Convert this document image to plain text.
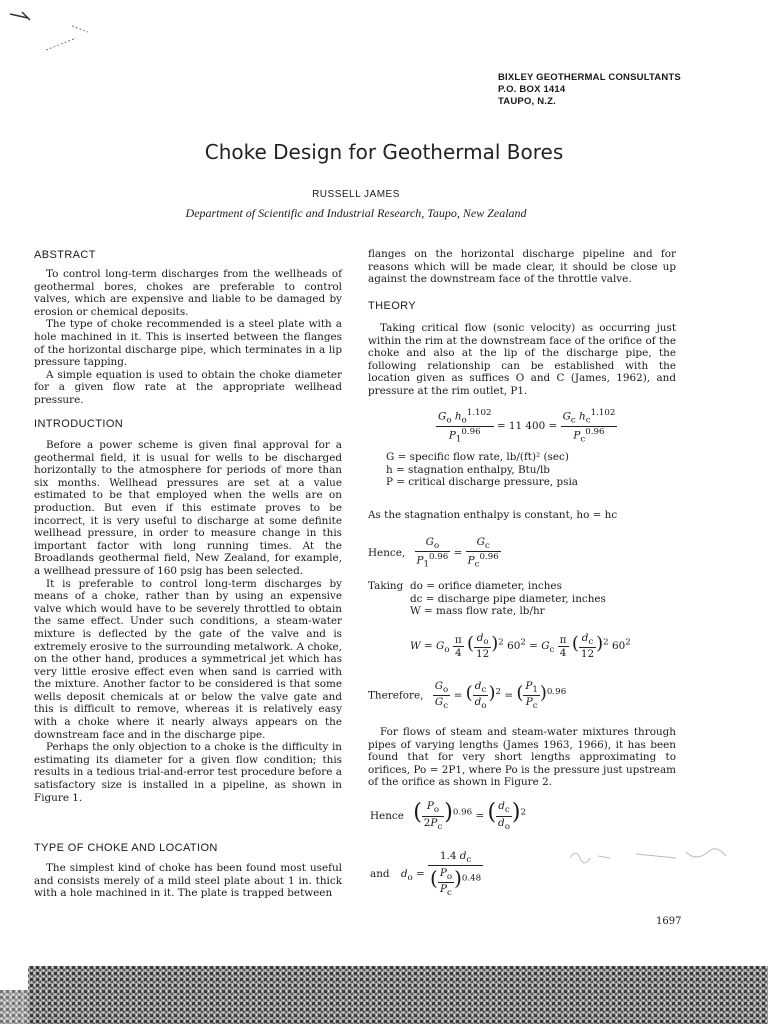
BIXLEY GEOTHERMAL CONSULTANTS
P.O. BOX 1414
TAUPO, N.Z.
Choke Design for Geothermal Bores
RUSSELL JAMES
Department of Scientific and Industrial Research, Taupo, New Zealand
ABSTRACT

To control long-term discharges from the wellheads of geothermal bores, chokes are preferable to control valves, which are expensive and liable to be damaged by erosion or chemical deposits.

The type of choke recommended is a steel plate with a hole machined in it. This is inserted between the flanges of the horizontal discharge pipe, which terminates in a lip pressure tapping.

A simple equation is used to obtain the choke diameter for a given flow rate at the appropriate wellhead pressure.

INTRODUCTION

Before a power scheme is given final approval for a geothermal field, it is usual for wells to be discharged horizontally to the atmosphere for periods of more than six months. Wellhead pressures are set at a value estimated to be that employed when the wells are on production. But even if this estimate proves to be incorrect, it is very useful to discharge at some definite wellhead pressure, in order to measure change in this important factor with long running times. At the Broadlands geothermal field, New Zealand, for example, a wellhead pressure of 160 psig has been selected.

It is preferable to control long-term discharges by means of a choke, rather than by using an expensive valve which would have to be severely throttled to obtain the same effect. Under such conditions, a steam-water mixture is deflected by the gate of the valve and is extremely erosive to the surrounding metalwork. A choke, on the other hand, produces a symmetrical jet which has very little erosive effect even when sand is carried with the mixture. Another factor to be considered is that some wells deposit chemicals at or below the valve gate and this is difficult to remove, whereas it is relatively easy with a choke where it nearly always appears on the downstream face and in the discharge pipe.

Perhaps the only objection to a choke is the difficulty in estimating its diameter for a given flow condition; this results in a tedious trial-and-error test procedure before a satisfactory size is installed in a pipeline, as shown in Figure 1.

TYPE OF CHOKE AND LOCATION

The simplest kind of choke has been found most useful and consists merely of a mild steel plate about 1 in. thick with a hole machined in it. The plate is trapped between

flanges on the horizontal discharge pipeline and for reasons which will be made clear, it should be close up against the downstream face of the throttle valve.

THEORY

Taking critical flow (sonic velocity) as occurring just within the rim at the downstream face of the orifice of the choke and also at the lip of the discharge pipe, the following relationship can be established with the location given as suffices O and C (James, 1962), and pressure at the rim outlet, P1.

$\frac{G_o h_o^{1.102}}{P_1^{0.96}} = 11$ $400 = \frac{G_c h_c^{1.102}}{P_c^{0.96}}$
G = specific flow rate, lb/(ft)² (sec)
h = stagnation enthalpy, Btu/lb
P = critical discharge pressure, psia
As the stagnation enthalpy is constant, ho = hc
Hence, $\frac{G_o}{P_1^{0.96}} = \frac{G_c}{P_c^{0.96}}$
Taking do = orifice diameter, inches
dc = discharge pipe diameter, inches
W = mass flow rate, lb/hr
$W = G_o \frac{\pi}{4}$ ( $\frac{d_o}{12} )^2$ $60^2 = G_c \frac{\pi}{4}$ ( $\frac{d_c}{12} )^2$ $60^2$
Therefore, $\frac{G_o}{G_c}$ = ( $\frac{d_c}{d_o} )^2$ = ( $\frac{P_1}{P_c} )^{0.96}$

For flows of steam and steam-water mixtures through pipes of varying lengths (James 1963, 1966), it has been found that for very short lengths approximating to orifices, Po = 2P1, where Po is the pressure just upstream of the orifice as shown in Figure 2.

Hence ( $\frac{P_o}{2P_c} )^{0.96}$ = ( $\frac{d_c}{d_o} )^2$
and $d_o = \frac{1.4 d_c}{( \frac{P_o}{P_c} )^{0.48}}$
1697
